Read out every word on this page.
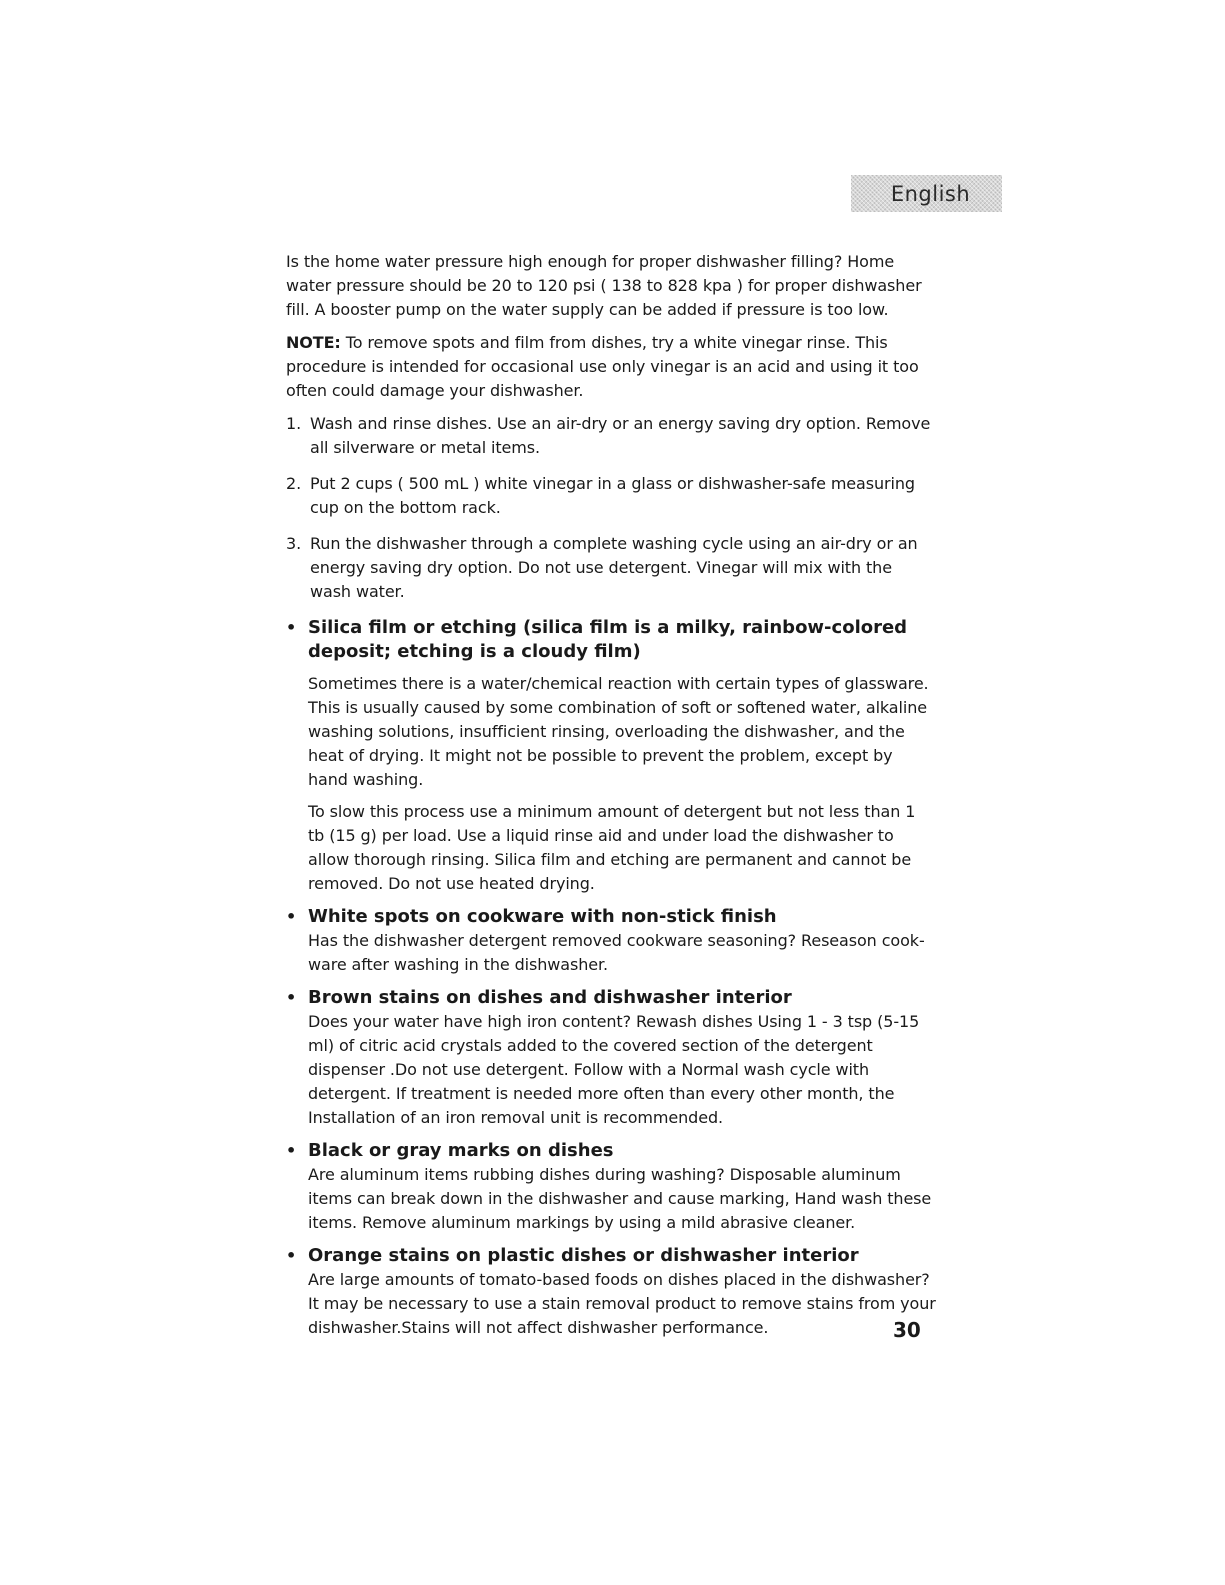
English

Is the home water pressure high enough for proper dishwasher filling? Home water pressure should be 20 to 120 psi ( 138 to 828 kpa ) for proper dishwasher fill. A booster pump on the water supply can be added if pressure is too low.

NOTE: To remove spots and film from dishes, try a white vinegar rinse. This procedure is intended for occasional use only vinegar is an acid and using it too often could damage your dishwasher.

1. Wash and rinse dishes. Use an air-dry or an energy saving dry option. Remove all silverware or metal items.
2. Put 2 cups ( 500 mL ) white vinegar in a glass or dishwasher-safe measuring cup on the bottom rack.
3. Run the dishwasher through a complete washing cycle using an air-dry or an energy saving dry option. Do not use detergent. Vinegar will mix with the wash water.
• Silica film or etching (silica film is a milky, rainbow-colored deposit; etching is a cloudy film)

Sometimes there is a water/chemical reaction with certain types of glassware. This is usually caused by some combination of soft or softened water, alkaline washing solutions, insufficient rinsing, overloading the dishwasher, and the heat of drying. It might not be possible to prevent the problem, except by hand washing.

To slow this process use a minimum amount of detergent but not less than 1 tb (15 g) per load. Use a liquid rinse aid and under load the dishwasher to allow thorough rinsing. Silica film and etching are permanent and cannot be removed. Do not use heated drying.

• White spots on cookware with non-stick finish

Has the dishwasher detergent removed cookware seasoning? Reseason cook-ware after washing in the dishwasher.

• Brown stains on dishes and dishwasher interior

Does your water have high iron content? Rewash dishes Using 1 - 3 tsp (5-15 ml) of citric acid crystals added to the covered section of the detergent dispenser .Do not use detergent. Follow with a Normal wash cycle with detergent. If treatment is needed more often than every other month, the Installation of an iron removal unit is recommended.

• Black or gray marks on dishes

Are aluminum items rubbing dishes during washing? Disposable aluminum items can break down in the dishwasher and cause marking, Hand wash these items. Remove aluminum markings by using a mild abrasive cleaner.

• Orange stains on plastic dishes or dishwasher interior

Are large amounts of tomato-based foods on dishes placed in the dishwasher? It may be necessary to use a stain removal product to remove stains from your dishwasher.Stains will not affect dishwasher performance.	30
